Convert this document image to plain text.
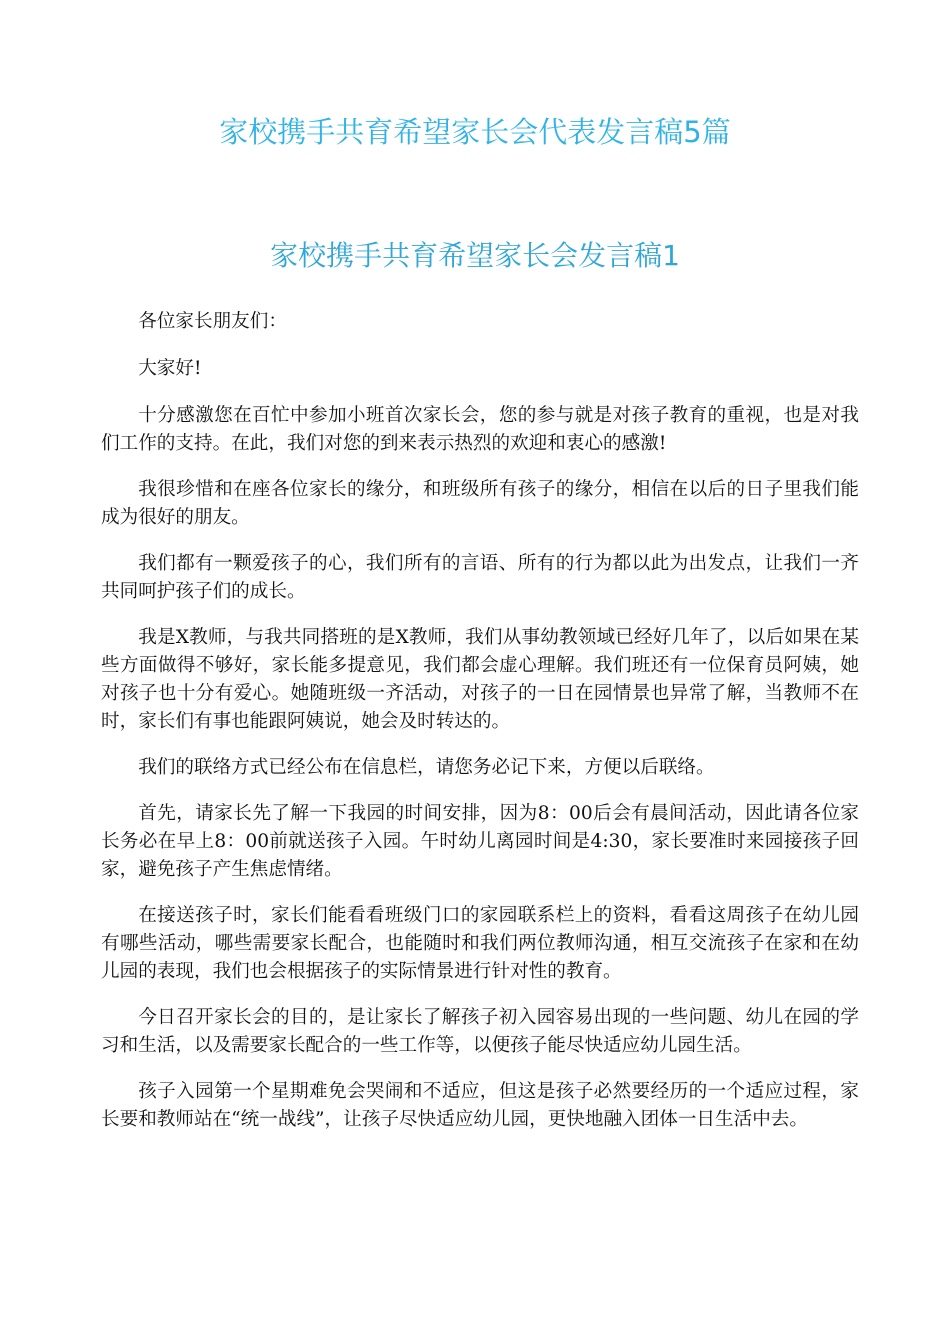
家校携手共育希望家长会代表发言稿5篇
家校携手共育希望家长会发言稿1

各位家长朋友们：

大家好!

十分感激您在百忙中参加小班首次家长会，您的参与就是对孩子教育的重视，也是对我们工作的支持。在此，我们对您的到来表示热烈的欢迎和衷心的感激!

我很珍惜和在座各位家长的缘分，和班级所有孩子的缘分，相信在以后的日子里我们能成为很好的朋友。

我们都有一颗爱孩子的心，我们所有的言语、所有的行为都以此为出发点，让我们一齐共同呵护孩子们的成长。

我是X教师，与我共同搭班的是X教师，我们从事幼教领域已经好几年了，以后如果在某些方面做得不够好，家长能多提意见，我们都会虚心理解。我们班还有一位保育员阿姨，她对孩子也十分有爱心。她随班级一齐活动，对孩子的一日在园情景也异常了解，当教师不在时，家长们有事也能跟阿姨说，她会及时转达的。

我们的联络方式已经公布在信息栏，请您务必记下来，方便以后联络。

首先，请家长先了解一下我园的时间安排，因为8：00后会有晨间活动，因此请各位家长务必在早上8：00前就送孩子入园。午时幼儿离园时间是4:30，家长要准时来园接孩子回家，避免孩子产生焦虑情绪。

在接送孩子时，家长们能看看班级门口的家园联系栏上的资料，看看这周孩子在幼儿园有哪些活动，哪些需要家长配合，也能随时和我们两位教师沟通，相互交流孩子在家和在幼儿园的表现，我们也会根据孩子的实际情景进行针对性的教育。

今日召开家长会的目的，是让家长了解孩子初入园容易出现的一些问题、幼儿在园的学习和生活，以及需要家长配合的一些工作等，以便孩子能尽快适应幼儿园生活。

孩子入园第一个星期难免会哭闹和不适应，但这是孩子必然要经历的一个适应过程，家长要和教师站在“统一战线”，让孩子尽快适应幼儿园，更快地融入团体一日生活中去。
